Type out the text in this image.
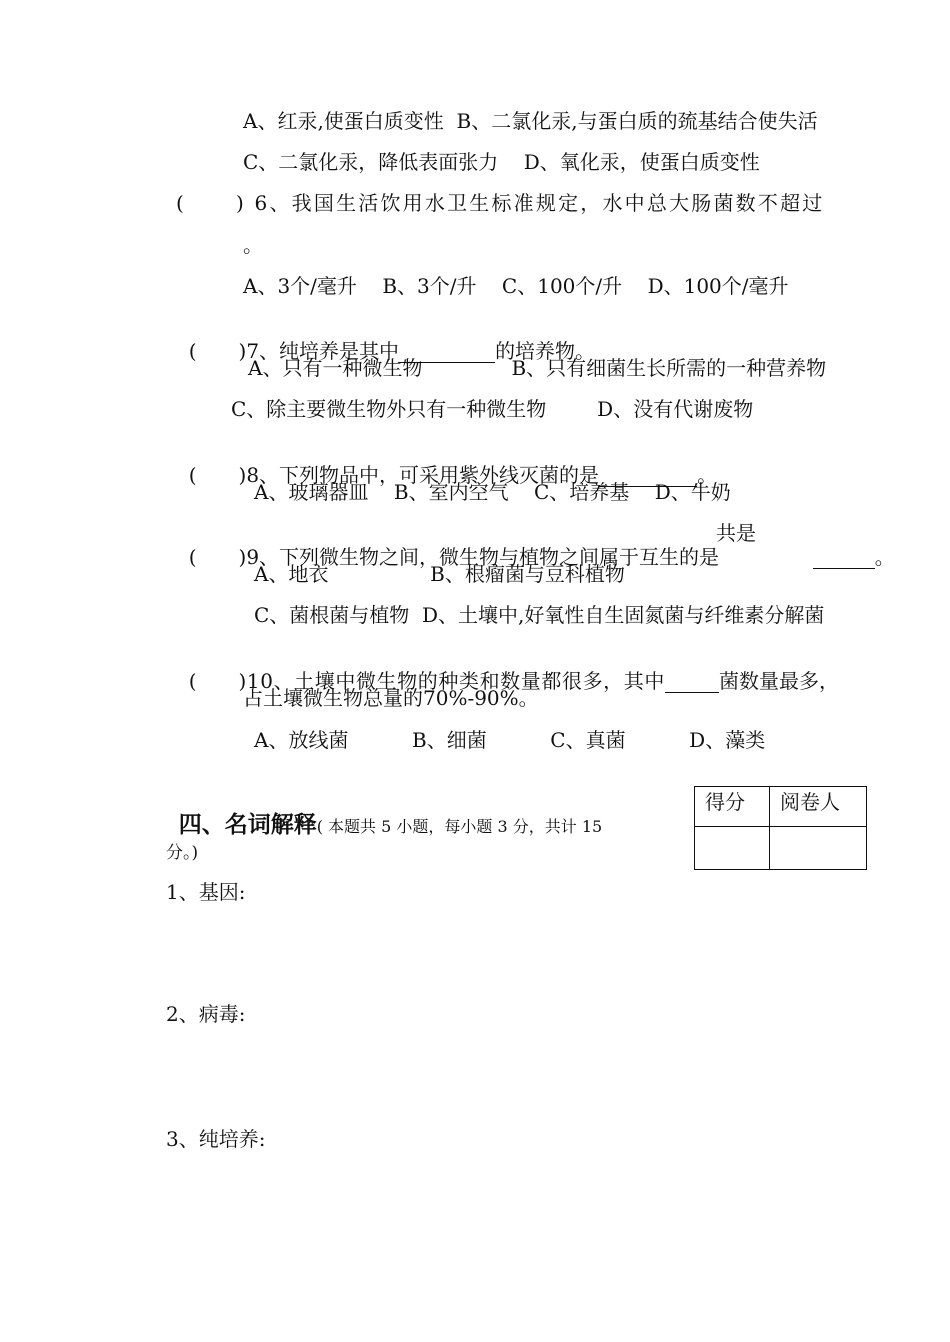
A、红汞,使蛋白质变性  B、二氯化汞,与蛋白质的巯基结合使失活
C、二氯化汞，降低表面张力    D、氧化汞，使蛋白质变性
(	) 6、我国生活饮用水卫生标准规定，水中总大肠菌数不超过
。
A、3个/毫升    B、3个/升    C、100个/升    D、100个/毫升

( )7、纯培养是其中	的培养物。

A、只有一种微生物              B、只有细菌生长所需的一种营养物
C、除主要微生物外只有一种微生物        D、没有代谢废物

( )8、下列物品中，可采用紫外线灭菌的是	。

A、玻璃器皿    B、室内空气    C、培养基    D、牛奶

( )9、下列微生物之间，微生物与植物之间属于互生的是

共是

。

A、地衣                B、根瘤菌与豆科植物
C、菌根菌与植物  D、土壤中,好氧性自生固氮菌与纤维素分解菌

( )10、土壤中微生物的种类和数量都很多，其中	菌数量最多，

占土壤微生物总量的70%-90%。
A、放线菌          B、细菌          C、真菌          D、藻类

四、名词解释( 本题共 5 小题，每小题 3 分，共计 15

分。)
得分	阅卷人

1、基因:
2、病毒:
3、纯培养:
